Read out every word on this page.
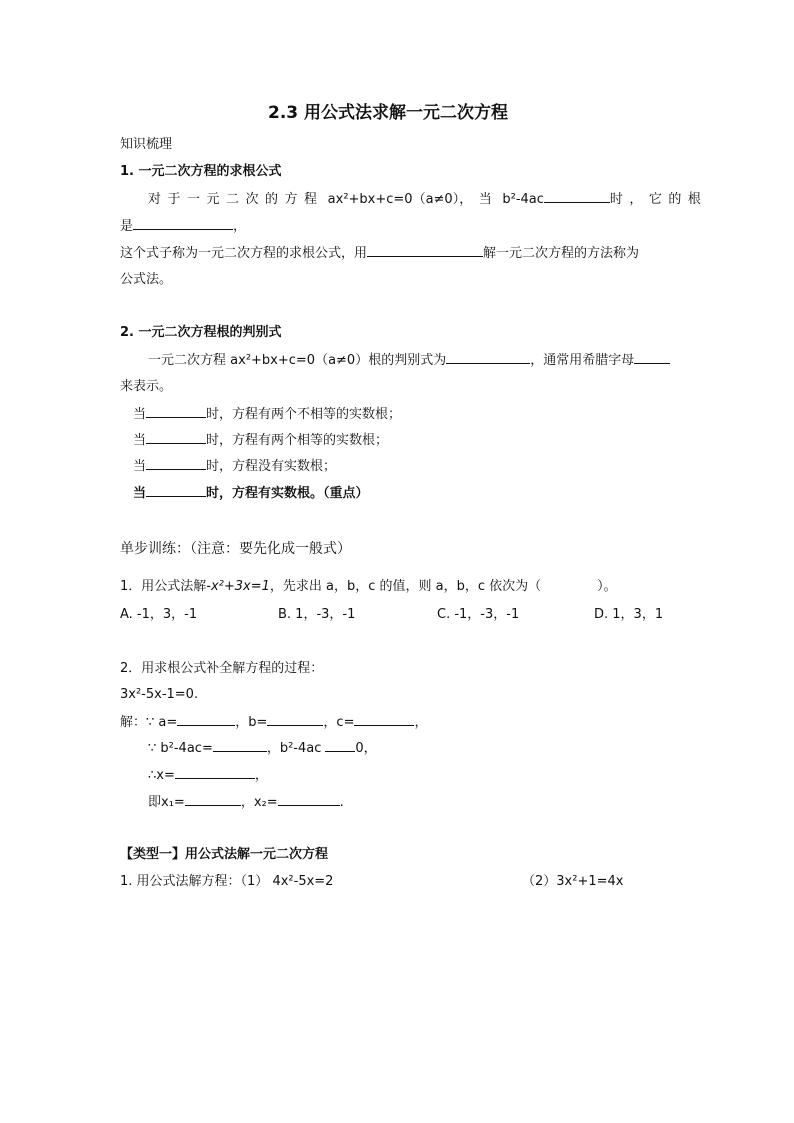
2.3 用公式法求解一元二次方程
知识梳理
1. 一元二次方程的求根公式
对于一元二次的方程 ax²+bx+c=0（a≠0），当 b²-4ac	时，它的根
是	，
这个式子称为一元二次方程的求根公式，用	解一元二次方程的方法称为
公式法。
2. 一元二次方程根的判别式
一元二次方程 ax²+bx+c=0（a≠0）根的判别式为	，通常用希腊字母
来表示。
当	时，方程有两个不相等的实数根；
当	时，方程有两个相等的实数根；
当	时，方程没有实数根；
当	时，方程有实数根。（重点）
单步训练：（注意：要先化成一般式）
1．用公式法解-x²+3x=1，先求出 a，b，c 的值，则 a，b，c 依次为（	）。
A. -1，3，-1	B. 1，-3，-1	C. -1，-3，-1	D. 1，3，1
2．用求根公式补全解方程的过程：
3x²-5x-1=0.
解：∵ a=	，b=	，c=	，
∵ b²-4ac=	，b²-4ac	0，
∴x=	，
即x₁=	，x₂=	.
【类型一】用公式法解一元二次方程
1. 用公式法解方程：（1） 4x²-5x=2	（2）3x²+1=4x
